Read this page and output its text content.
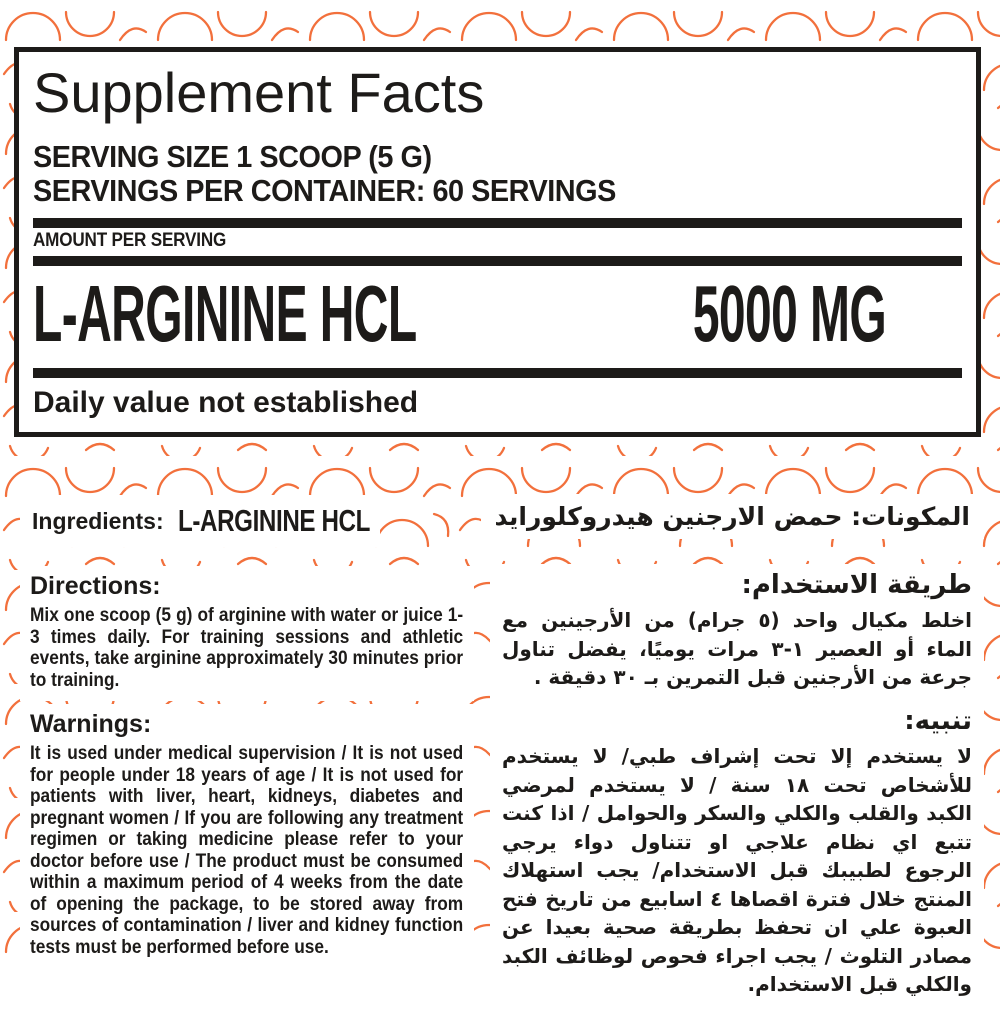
Supplement Facts
SERVING SIZE 1 SCOOP (5 G)
SERVINGS PER CONTAINER: 60 SERVINGS
AMOUNT PER SERVING
L-ARGININE HCL	5000 MG
Daily value not established
Ingredients: L-ARGININE HCL
Directions:

Mix one scoop (5 g) of arginine with water or juice 1-3 times daily. For training sessions and athletic events, take arginine approximately 30 minutes prior to training.

Warnings:

It is used under medical supervision / It is not used for people under 18 years of age / It is not used for patients with liver, heart, kidneys, diabetes and pregnant women / If you are following any treatment regimen or taking medicine please refer to your doctor before use / The product must be consumed within a maximum period of 4 weeks from the date of opening the package, to be stored away from sources of contamination / liver and kidney function tests must be performed before use.

المكونات: حمض الارجنين هيدروكلورايد
طريقة الاستخدام:

اخلط مكيال واحد (٥ جرام) من الأرجينين مع الماء أو العصير ١-٣ مرات يوميًا، يفضل تناول جرعة من الأرجنين قبل التمرين بـ ٣٠ دقيقة .

تنبيه:

لا يستخدم إلا تحت إشراف طبي/ لا يستخدم للأشخاص تحت ١٨ سنة / لا يستخدم لمرضي الكبد والقلب والكلي والسكر والحوامل / اذا كنت تتبع اي نظام علاجي او تتناول دواء يرجي الرجوع لطبيبك قبل الاستخدام/ يجب استهلاك المنتج خلال فترة اقصاها ٤ اسابيع من تاريخ فتح العبوة علي ان تحفظ بطريقة صحية بعيدا عن مصادر التلوث / يجب اجراء فحوص لوظائف الكبد والكلي قبل الاستخدام.
